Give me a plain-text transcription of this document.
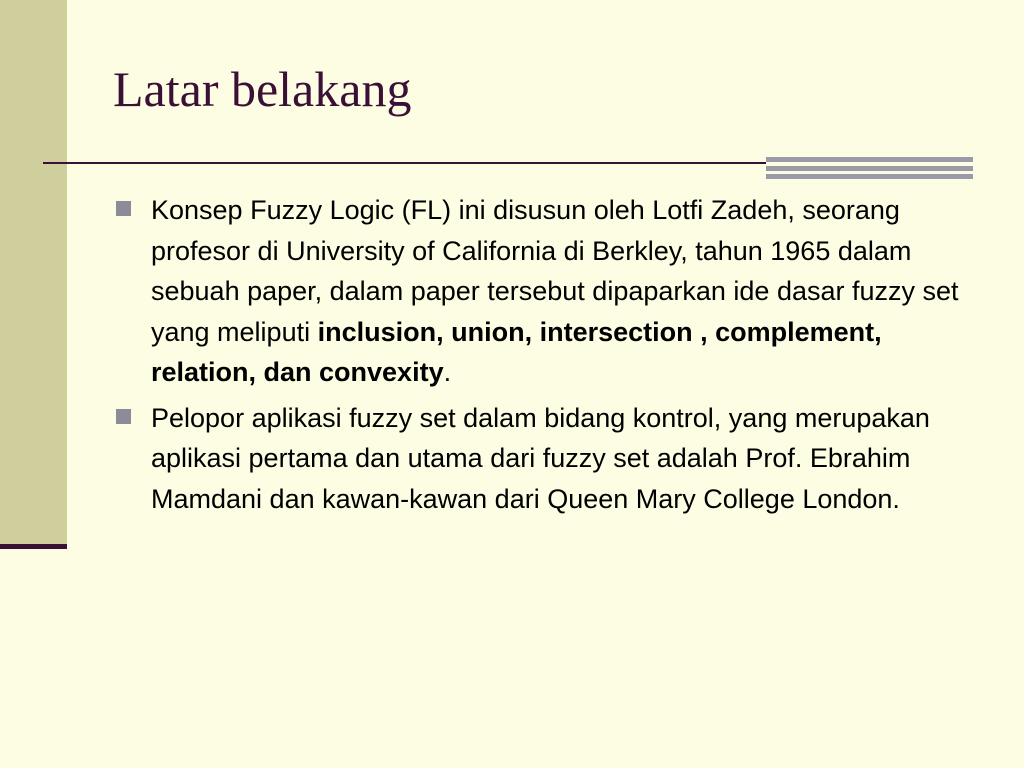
Latar belakang
Konsep Fuzzy Logic (FL) ini disusun oleh Lotfi Zadeh, seorang profesor di University of California di Berkley, tahun 1965 dalam sebuah paper, dalam paper tersebut dipaparkan ide dasar fuzzy set yang meliputi inclusion, union, intersection , complement, relation, dan convexity.
Pelopor aplikasi fuzzy set dalam bidang kontrol, yang merupakan aplikasi pertama dan utama dari fuzzy set adalah Prof. Ebrahim Mamdani dan kawan-kawan dari Queen Mary College London.
